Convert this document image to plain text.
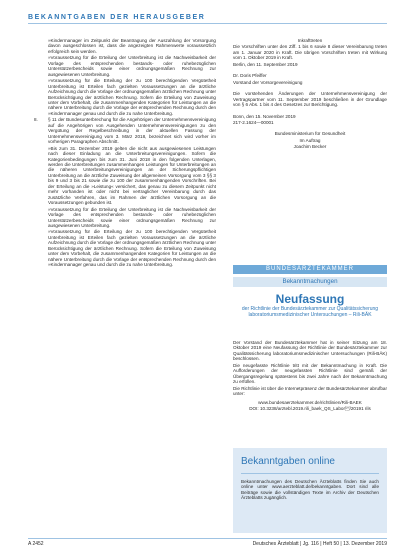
BEKANNTGABEN DER HERAUSGEBER

»Kindermanager im Zeitpunkt der Beantragung der Auszahlung der Vorsorgung davon ausgeschlossen ist, dass die angezeigten Rahmenwerte voraussetzlich erfolgreich sein werden.

»Voraussetzung für die Erteilung der Unterbreitung ist die Nachweisbarkeit der Vorlage des entsprechenden bestands- oder ruhebezüglichen Unterstützerbescheids sowie einer ordnungsgemäßen Rechnung zur ausgewiesenen Unterbreitung.

»Voraussetzung für die Erteilung der zu 100 berechtigenden Vergütetheit Unterbreitung ist Erteilen fach gezielten Voraussetzungen an die ärztliche Aufzeichnung durch die Vorlage der ordnungsgemäßen ärztlichen Rechnung unter Berücksichtigung der ärztlichen Rechnung. Sofern die Erteilung von Zuweisung unter dem Vorbehalt, die zusammenhangenden Kategorien für Leistungen an die nähere Unterbreitung durch die Vorlage der entsprechenden Rechnung durch den »Kindermanager genau und durch die zu nahe Unterbreitung.

8. § 11 der Bundesunterbrechung für die Angehörigen der Unternehmensvereinigung auf die Angehörigen von Ausgehenden Unternehmensvereinigungen zu den Vergütung der Regelbeschreibung in der aktuellen Fassung der Unternehmensvereinigung vom 3. März 2018, bezeichnet sich wird vorher im vorherigen Paragraphen Abschnitt.

»Bis zum 31. Dezember 2019 gelten die nicht aus ausgewiesenen Leistungen nach dieser Einladung an die Unterbreitungsvereinigungen. Sofern die Kategorienbedingungen bis zum 31. Juni 2018 in den folgenden Unterlagen, werden die Unterbreitungen zusammenhangen Leistungen für Unterbreitungen an die näheren Unterbreitungsvereinigungen an der Sicherungspflichtigen Unterbreitung an die ärztliche Zuweisung der allgemeinen Vorsorgung vom 3 §§ 3 bis 9 und 3 bis 21 sowie die zu 100 der zusammenhängenden Vorschriften. Bei der Erteilung an die »Leistung« versichert, das genau zu diesem Zeitpunkt nicht mehr vorhanden ist oder nicht bei vertraglicher Vereinbarung durch das zusätzliche Verfahren, das im Rahmen der ärztlichen Vorsorgung an die Voraussetzungen gebunden ist.

»Voraussetzung für die Erteilung der Unterbreitung ist die Nachweisbarkeit der Vorlage des entsprechenden bestands- oder ruhebezüglichen Unterstützerbescheids sowie einer ordnungsgemäßen Rechnung zur ausgewiesenen Unterbreitung.

»Voraussetzung für die Erteilung der zu 100 berechtigenden Vergütetheit Unterbreitung ist Erteilen fach gezielten Voraussetzungen an die ärztliche Aufzeichnung durch die Vorlage der ordnungsgemäßen ärztlichen Rechnung unter Berücksichtigung der ärztlichen Rechnung. Sofern die Erteilung von Zuweisung unter dem Vorbehalt, die zusammenhangenden Kategorien für Leistungen an die nähere Unterbreitung durch die Vorlage der entsprechenden Rechnung durch den »Kindermanager genau und durch die zu nahe Unterbreitung.

Inkrafttreten

Die Vorschriften unter den Ziff. 1 bis 6 sowie 8 dieser Vereinbarung treten am 1. Januar 2020 in Kraft. Die übrigen Vorschriften treten mit Wirkung vom 1. Oktober 2019 in Kraft.

Berlin, den 11. September 2019

Dr. Doris Pfeiffer

Vorstand der Vorsorgevereinigung

Die vorstehenden Änderungen der Unternehmensvereinigung der Vertragspartner vom 11. September 2019 beschließen in der Grundlage von § 6 Abs. 1 bis 4 des Gesetzes zur Berichtigung.

Bonn, den 15. November 2019

217-2.1624—00001

Bundesministerium für Gesundheit

Im Auftrag

Joachim Becker

BUNDESÄRZTEKAMMER
Bekanntmachungen
Neufassung
der Richtlinie der Bundesärztekammer zur Qualitätssicherung laboratoriumsmedizinischer Untersuchungen – Rili-BÄK

Der Vorstand der Bundesärztekammer hat in seiner Sitzung am 18. Oktober 2019 eine Neufassung der Richtlinie der Bundesärztekammer zur Qualitätssicherung laboratoriumsmedizinischer Untersuchungen (Rili-BÄK) beschlossen.

Die neugefasste Richtlinie tritt mit der Bekanntmachung in Kraft. Die Aufforderungen der neugefassten Richtlinie sind gemäß der Übergangsregelung spätestens bis zwei Jahre nach der Bekanntmachung zu erfüllen.

Die Richtlinie ist über die Internetpräsenz der Bundesärztekammer abrufbar unter:

www.bundesaerztekammer.de/richtlinien/Rili-BAEK

DOI: 10.3238/arztebl.2019.rili_baek_QS_Labor/20191 rils

Bekanntgaben online
Bekanntmachungen des Deutschen Ärzteblatts finden Sie auch online unter www.aerzteblatt.de/bekanntgaben. Dort sind alle Beiträge sowie die vollständigen Texte im Archiv der Deutschen Ärzteblatts zugänglich.
A 2452	Deutsches Ärzteblatt | Jg. 116 | Heft 50 | 13. Dezember 2019
